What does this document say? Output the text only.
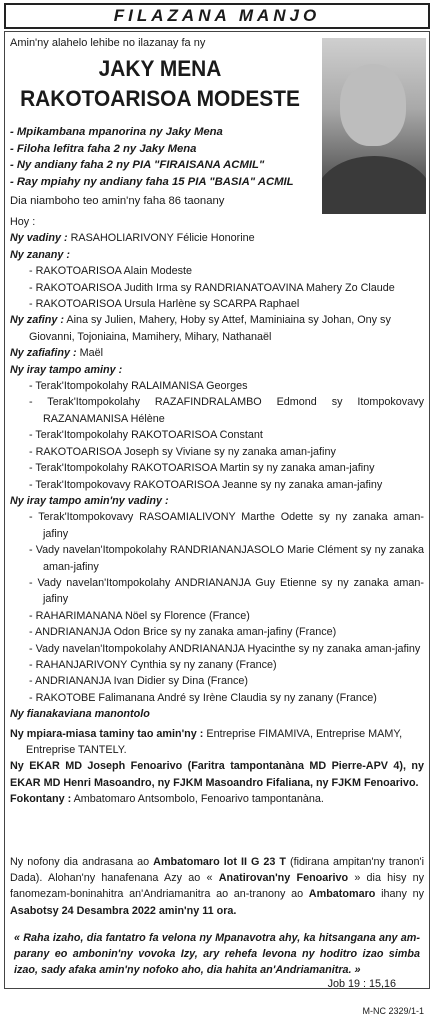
FILAZANA MANJO
Amin'ny alahelo lehibe no ilazanay fa ny
JAKY MENA
RAKOTOARISOA MODESTE
- Mpikambana mpanorina ny Jaky Mena
- Filoha lefitra faha 2 ny Jaky Mena
- Ny andiany faha 2 ny PIA "FIRAISANA ACMIL"
- Ray mpiahy ny andiany faha 15 PIA "BASIA" ACMIL
Dia niamboho teo amin'ny faha 86 taonany
Hoy :
Ny vadiny : RASAHOLIARIVONY Félicie Honorine
Ny zanany :
- RAKOTOARISOA Alain Modeste
- RAKOTOARISOA Judith Irma sy RANDRIANATOAVINA Mahery Zo Claude
- RAKOTOARISOA Ursula Harlène sy SCARPA Raphael
Ny zafiny : Aina sy Julien, Mahery, Hoby sy Attef, Maminiaina sy Johan, Ony sy Giovanni, Tojoniaina, Mamihery, Mihary, Nathanaël
Ny zafiafiny : Maël
Ny iray tampo aminy :
- Terak'Itompokolahy RALAIMANISA Georges
- Terak'Itompokolahy RAZAFINDRALAMBO Edmond sy Itompokovavy RAZANAMANISA Hélène
- Terak'Itompokolahy RAKOTOARISOA Constant
- RAKOTOARISOA Joseph sy Viviane sy ny zanaka aman-jafiny
- Terak'Itompokolahy RAKOTOARISOA Martin sy ny zanaka aman-jafiny
- Terak'Itompokovavy RAKOTOARISOA Jeanne sy ny zanaka aman-jafiny
Ny iray tampo amin'ny vadiny :
- Terak'Itompokovavy RASOAMIALIVONY Marthe Odette sy ny zanaka aman-jafiny
- Vady navelan'Itompokolahy RANDRIANANJASOLO Marie Clément sy ny zanaka aman-jafiny
- Vady navelan'Itompokolahy ANDRIANANJA Guy Etienne sy ny zanaka aman-jafiny
- RAHARIMANANA Nöel sy Florence (France)
- ANDRIANANJA Odon Brice sy ny zanaka aman-jafiny (France)
- Vady navelan'Itompokolahy ANDRIANANJA Hyacinthe sy ny zanaka aman-jafiny
- RAHANJARIVONY Cynthia sy ny zanany (France)
- ANDRIANANJA Ivan Didier sy Dina (France)
- RAKOTOBE Falimanana André sy Irène Claudia sy ny zanany (France)
Ny fianakaviana manontolo
Ny mpiara-miasa taminy tao amin'ny : Entreprise FIMAMIVA, Entreprise MAMY, Entreprise TANTELY.
Ny EKAR MD Joseph Fenoarivo (Faritra tampontanàna MD Pierre-APV 4), ny EKAR MD Henri Masoandro, ny FJKM Masoandro Fifaliana, ny FJKM Fenoarivo.
Fokontany : Ambatomaro Antsombolo, Fenoarivo tampontanàna.
Ny nofony dia andrasana ao Ambatomaro lot II G 23 T (fidirana ampitan'ny tranon'i Dada). Alohan'ny hanafenana Azy ao « Anatirovan'ny Fenoarivo » dia hisy ny fanomezam-boninahitra an'Andriamanitra ao an-tranony ao Ambatomaro ihany ny Asabotsy 24 Desambra 2022 amin'ny 11 ora.
« Raha izaho, dia fantatro fa velona ny Mpanavotra ahy, ka hitsangana any am-parany eo ambonin'ny vovoka Izy, ary rehefa levona ny hoditro izao simba izao, sady afaka amin'ny nofoko aho, dia hahita an'Andriamanitra. »
Job 19 : 15,16
M-NC 2329/1-1
